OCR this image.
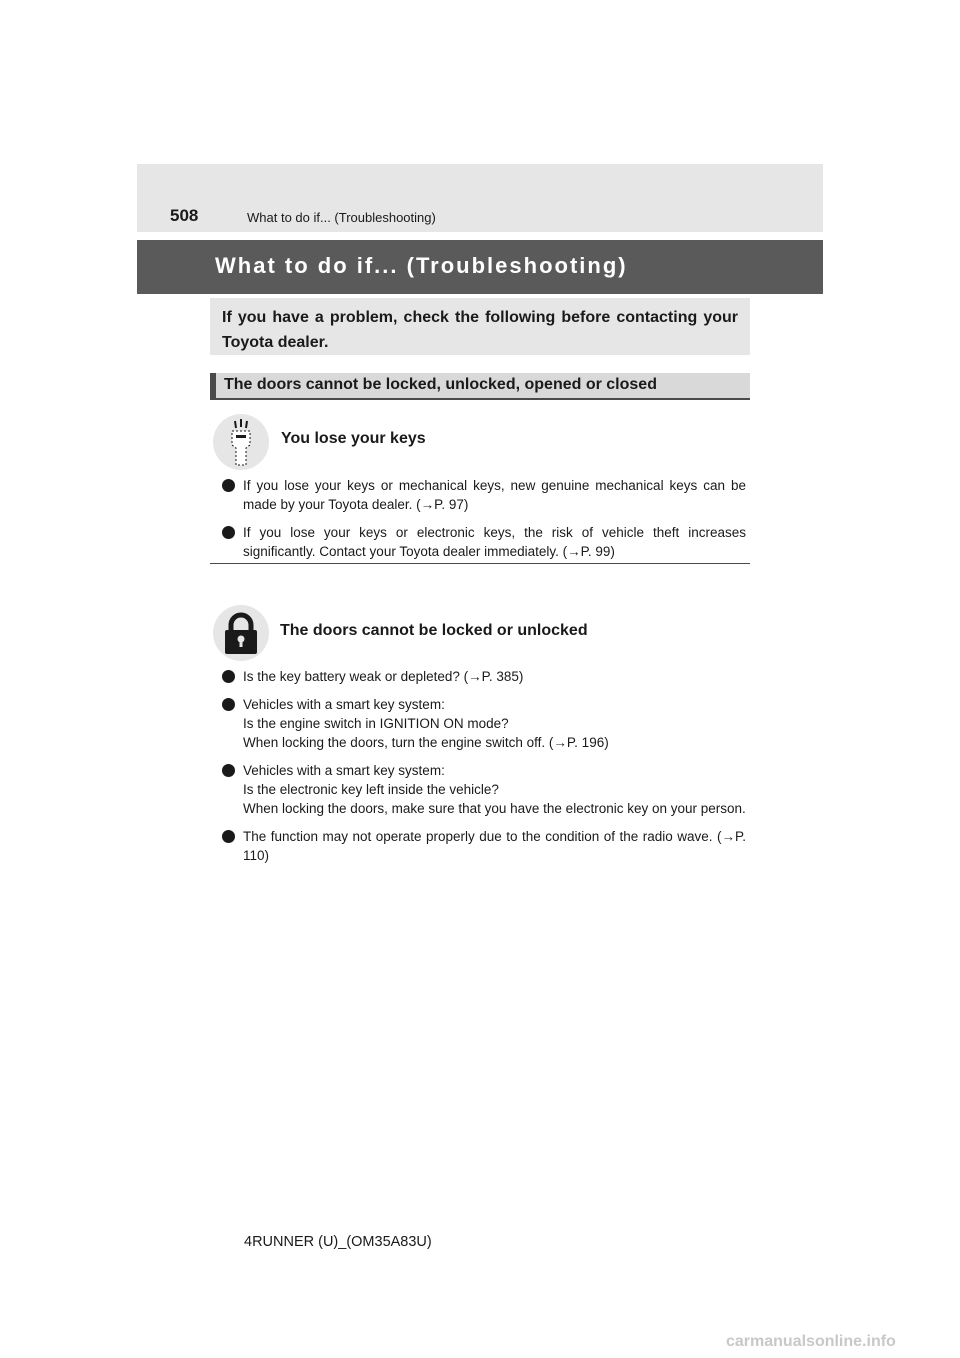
508	What to do if... (Troubleshooting)
What to do if... (Troubleshooting)
If you have a problem, check the following before contacting your Toyota dealer.
The doors cannot be locked, unlocked, opened or closed
You lose your keys
If you lose your keys or mechanical keys, new genuine mechanical keys can be made by your Toyota dealer. (→P. 97)
If you lose your keys or electronic keys, the risk of vehicle theft increases significantly. Contact your Toyota dealer immediately. (→P. 99)
The doors cannot be locked or unlocked
Is the key battery weak or depleted? (→P. 385)
Vehicles with a smart key system:
Is the engine switch in IGNITION ON mode?
When locking the doors, turn the engine switch off. (→P. 196)
Vehicles with a smart key system:
Is the electronic key left inside the vehicle?
When locking the doors, make sure that you have the electronic key on your person.
The function may not operate properly due to the condition of the radio wave. (→P. 110)
4RUNNER (U)_(OM35A83U)
carmanualsonline.info
